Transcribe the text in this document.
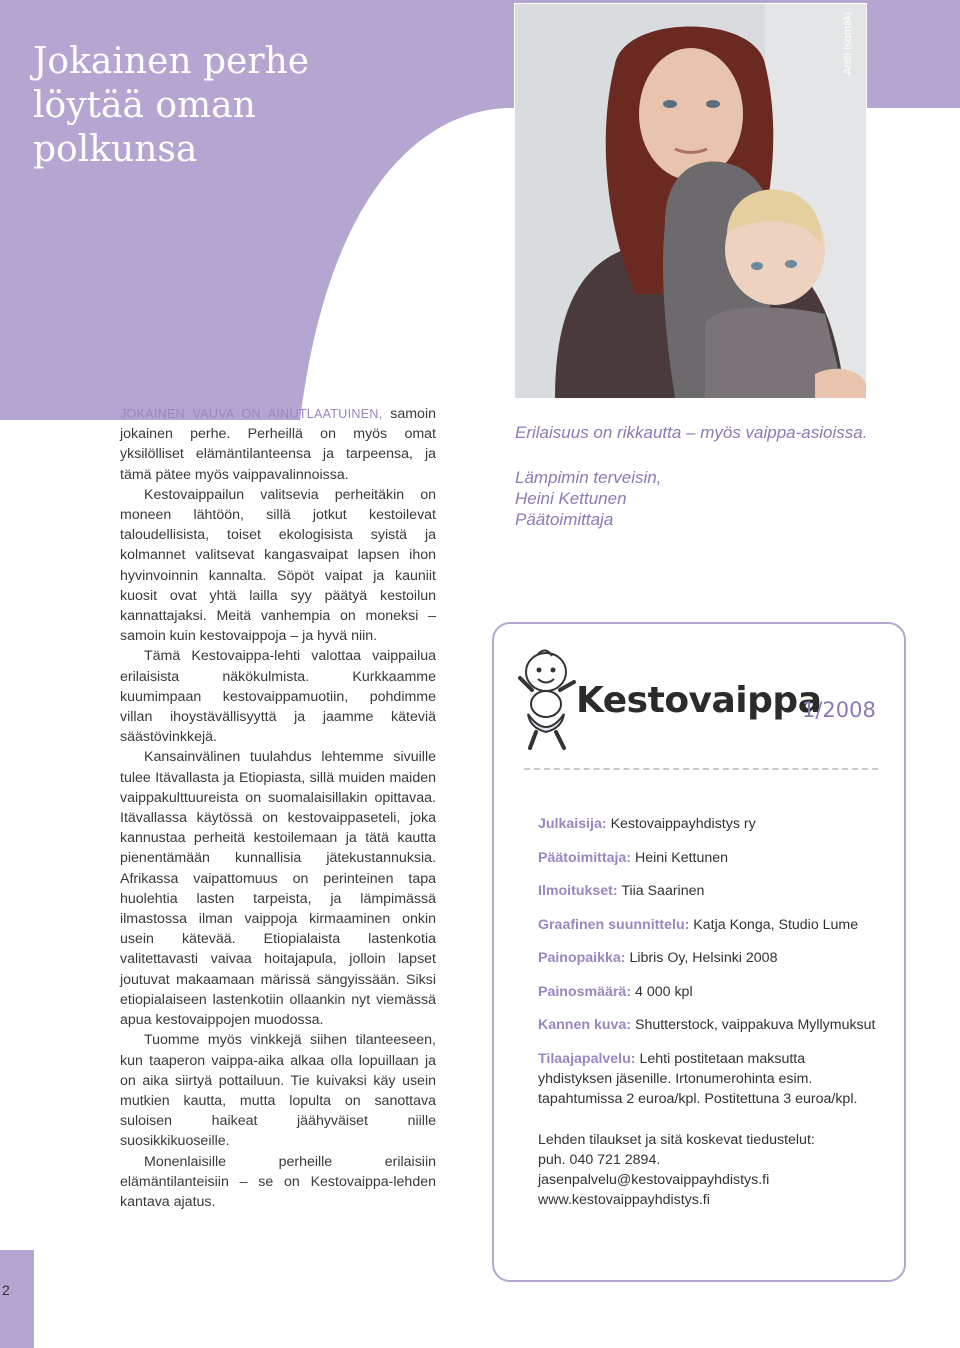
Jokainen perhe
löytää oman
polkunsa
Antti Isomäki

JOKAINEN VAUVA ON AINUTLAATUINEN, samoin jokainen perhe. Perheillä on myös omat yksilölliset elämäntilanteensa ja tarpeensa, ja tämä pätee myös vaippavalinnoissa.

Kestovaippailun valitsevia perheitäkin on moneen lähtöön, sillä jotkut kestoilevat taloudellisista, toiset ekologisista syistä ja kolmannet valitsevat kangasvaipat lapsen ihon hyvinvoinnin kannalta. Söpöt vaipat ja kauniit kuosit ovat yhtä lailla syy päätyä kestoilun kannattajaksi. Meitä vanhempia on moneksi – samoin kuin kestovaippoja – ja hyvä niin.

Tämä Kestovaippa-lehti valottaa vaippailua erilaisista näkökulmista. Kurkkaamme kuumimpaan kestovaippamuotiin, pohdimme villan ihoystävällisyyttä ja jaamme käteviä säästövinkkejä.

Kansainvälinen tuulahdus lehtemme sivuille tulee Itävallasta ja Etiopiasta, sillä muiden maiden vaippakulttuureista on suomalaisillakin opittavaa. Itävallassa käytössä on kestovaippaseteli, joka kannustaa perheitä kestoilemaan ja tätä kautta pienentämään kunnallisia jätekustannuksia. Afrikassa vaipattomuus on perinteinen tapa huolehtia lasten tarpeista, ja lämpimässä ilmastossa ilman vaippoja kirmaaminen onkin usein kätevää. Etiopialaista lastenkotia valitettavasti vaivaa hoitajapula, jolloin lapset joutuvat makaamaan märissä sängyissään. Siksi etiopialaiseen lastenkotiin ollaankin nyt viemässä apua kestovaippojen muodossa.

Tuomme myös vinkkejä siihen tilanteeseen, kun taaperon vaippa-aika alkaa olla lopuillaan ja on aika siirtyä pottailuun. Tie kuivaksi käy usein mutkien kautta, mutta lopulta on sanottava suloisen haikeat jäähyväiset niille suosikkikuoseille.

Monenlaisille perheille erilaisiin elämäntilanteisiin – se on Kestovaippa-lehden kantava ajatus.

Erilaisuus on rikkautta – myös vaippa-asioissa.

Lämpimin terveisin,
Heini Kettunen
Päätoimittaja

Kestovaippa
1/2008
Julkaisija: Kestovaippayhdistys ry
Päätoimittaja: Heini Kettunen
Ilmoitukset: Tiia Saarinen
Graafinen suunnittelu: Katja Konga, Studio Lume
Painopaikka: Libris Oy, Helsinki 2008
Painosmäärä: 4 000 kpl
Kannen kuva: Shutterstock, vaippakuva Myllymuksut
Tilaajapalvelu: Lehti postitetaan maksutta yhdistyksen jäsenille. Irtonumerohinta esim. tapahtumissa 2 euroa/kpl. Postitettuna 3 euroa/kpl.
Lehden tilaukset ja sitä koskevat tiedustelut:
puh. 040 721 2894.
jasenpalvelu@kestovaippayhdistys.fi
www.kestovaippayhdistys.fi
2
